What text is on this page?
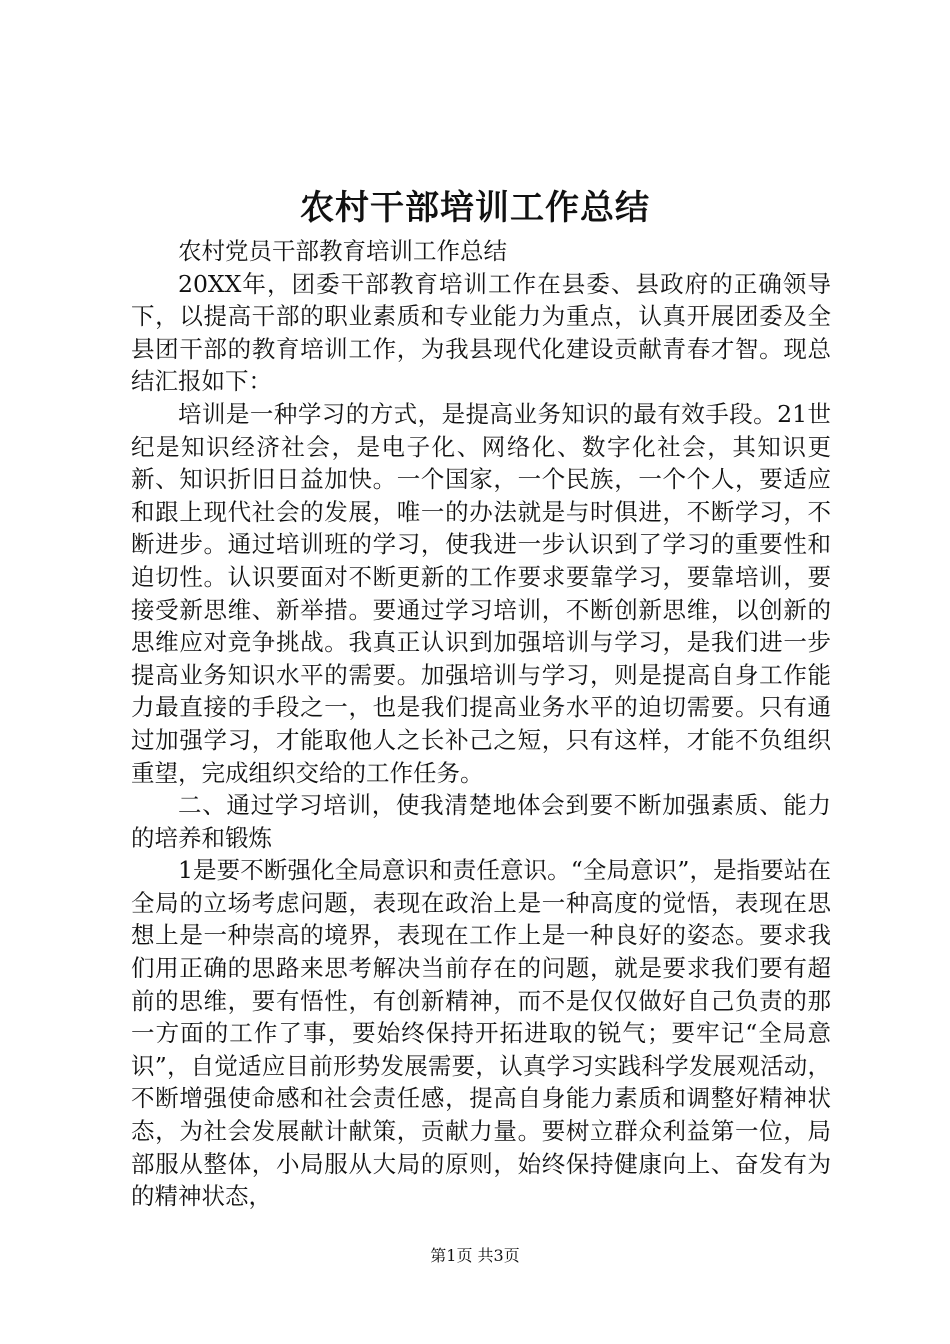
农村干部培训工作总结

农村党员干部教育培训工作总结

20XX年，团委干部教育培训工作在县委、县政府的正确领导下，以提高干部的职业素质和专业能力为重点，认真开展团委及全县团干部的教育培训工作，为我县现代化建设贡献青春才智。现总结汇报如下：

培训是一种学习的方式，是提高业务知识的最有效手段。21世纪是知识经济社会，是电子化、网络化、数字化社会，其知识更新、知识折旧日益加快。一个国家，一个民族，一个个人，要适应和跟上现代社会的发展，唯一的办法就是与时俱进，不断学习，不断进步。通过培训班的学习，使我进一步认识到了学习的重要性和迫切性。认识要面对不断更新的工作要求要靠学习，要靠培训，要接受新思维、新举措。要通过学习培训，不断创新思维，以创新的思维应对竞争挑战。我真正认识到加强培训与学习，是我们进一步提高业务知识水平的需要。加强培训与学习，则是提高自身工作能力最直接的手段之一，也是我们提高业务水平的迫切需要。只有通过加强学习，才能取他人之长补己之短，只有这样，才能不负组织重望，完成组织交给的工作任务。

二、通过学习培训，使我清楚地体会到要不断加强素质、能力的培养和锻炼

1是要不断强化全局意识和责任意识。“全局意识”，是指要站在全局的立场考虑问题，表现在政治上是一种高度的觉悟，表现在思想上是一种崇高的境界，表现在工作上是一种良好的姿态。要求我们用正确的思路来思考解决当前存在的问题，就是要求我们要有超前的思维，要有悟性，有创新精神，而不是仅仅做好自己负责的那一方面的工作了事，要始终保持开拓进取的锐气；要牢记“全局意识”，自觉适应目前形势发展需要，认真学习实践科学发展观活动，不断增强使命感和社会责任感，提高自身能力素质和调整好精神状态，为社会发展献计献策，贡献力量。要树立群众利益第一位，局部服从整体，小局服从大局的原则，始终保持健康向上、奋发有为的精神状态，

第1页 共3页
